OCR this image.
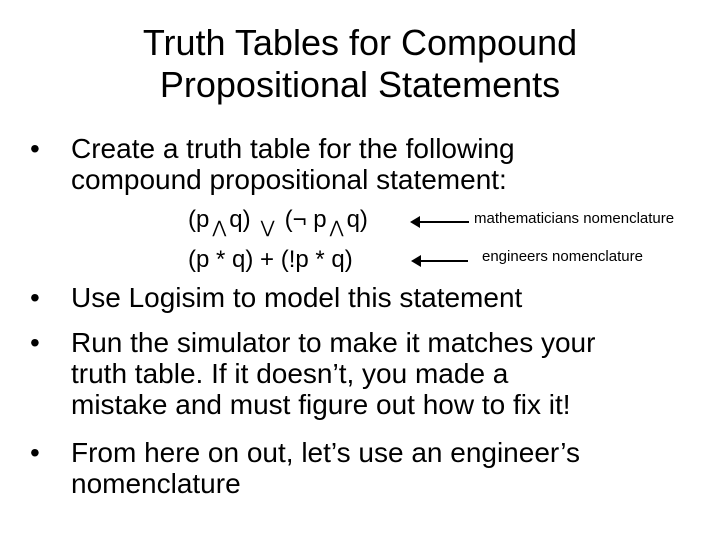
Truth Tables for Compound
Propositional Statements
• Create a truth table for the following
compound propositional statement:
(p ⋀ q) ⋁ (¬ p ⋀ q)	mathematicians nomenclature
(p * q) + (!p * q)	engineers nomenclature
• Use Logisim to model this statement
• Run the simulator to make it matches your
truth table. If it doesn’t, you made a
mistake and must figure out how to fix it!
• From here on out, let’s use an engineer’s
nomenclature
